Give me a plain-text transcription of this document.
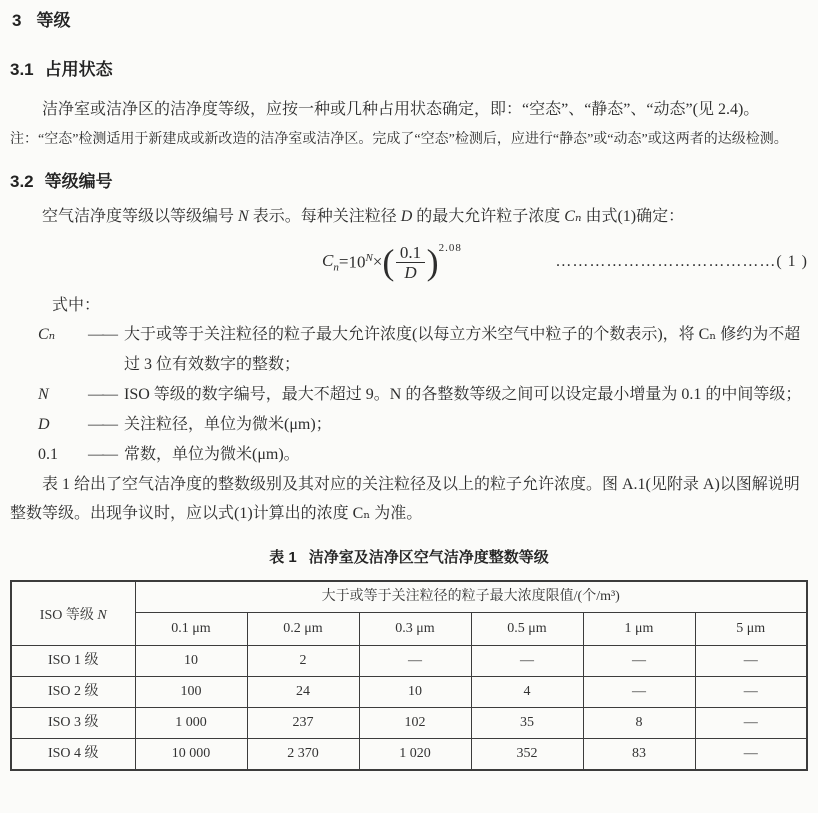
3 等级
3.1 占用状态

洁净室或洁净区的洁净度等级，应按一种或几种占用状态确定，即：“空态”、“静态”、“动态”(见 2.4)。

注：“空态”检测适用于新建成或新改造的洁净室或洁净区。完成了“空态”检测后，应进行“静态”或“动态”或这两者的达级检测。

3.2 等级编号

空气洁净度等级以等级编号 N 表示。每种关注粒径 D 的最大允许粒子浓度 Cₙ 由式(1)确定：

$C_n = 10^N$ × ( $\frac{0.1}{D}$ ) 2.08
…………………………………( 1 )
式中：
Cₙ	—— 大于或等于关注粒径的粒子最大允许浓度(以每立方米空气中粒子的个数表示)，将 Cₙ 修约为不超过 3 位有效数字的整数；
N	—— ISO 等级的数字编号，最大不超过 9。N 的各整数等级之间可以设定最小增量为 0.1 的中间等级；
D	—— 关注粒径，单位为微米(μm)；
0.1	—— 常数，单位为微米(μm)。

表 1 给出了空气洁净度的整数级别及其对应的关注粒径及以上的粒子允许浓度。图 A.1(见附录 A)以图解说明整数等级。出现争议时，应以式(1)计算出的浓度 Cₙ 为准。

表 1 洁净室及洁净区空气洁净度整数等级
ISO 等级 N	大于或等于关注粒径的粒子最大浓度限值/(个/m³)					
	0.1 μm	0.2 μm	0.3 μm	0.5 μm	1 μm	5 μm
ISO 1 级	10	2	—	—	—	—
ISO 2 级	100	24	10	4	—	—
ISO 3 级	1 000	237	102	35	8	—
ISO 4 级	10 000	2 370	1 020	352	83	—
